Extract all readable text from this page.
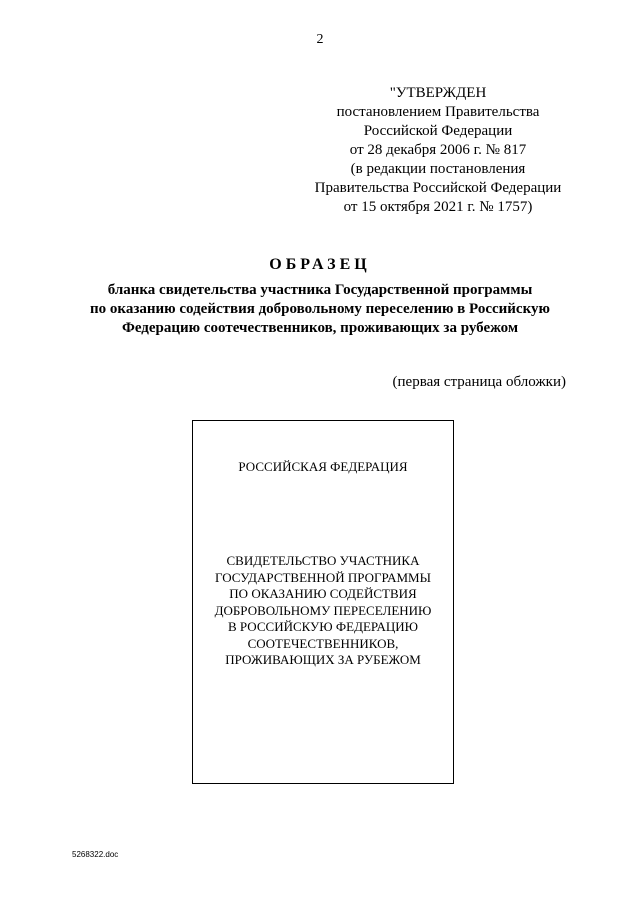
2
"УТВЕРЖДЕН
постановлением Правительства
Российской Федерации
от 28 декабря 2006 г. № 817
(в редакции постановления
Правительства Российской Федерации
от 15 октября 2021 г. № 1757)
ОБРАЗЕЦ
бланка свидетельства участника Государственной программы
по оказанию содействия добровольному переселению в Российскую
Федерацию соотечественников, проживающих за рубежом
(первая страница обложки)
РОССИЙСКАЯ ФЕДЕРАЦИЯ
СВИДЕТЕЛЬСТВО УЧАСТНИКА
ГОСУДАРСТВЕННОЙ ПРОГРАММЫ
ПО ОКАЗАНИЮ СОДЕЙСТВИЯ
ДОБРОВОЛЬНОМУ ПЕРЕСЕЛЕНИЮ
В РОССИЙСКУЮ ФЕДЕРАЦИЮ
СООТЕЧЕСТВЕННИКОВ,
ПРОЖИВАЮЩИХ ЗА РУБЕЖОМ
5268322.doc
